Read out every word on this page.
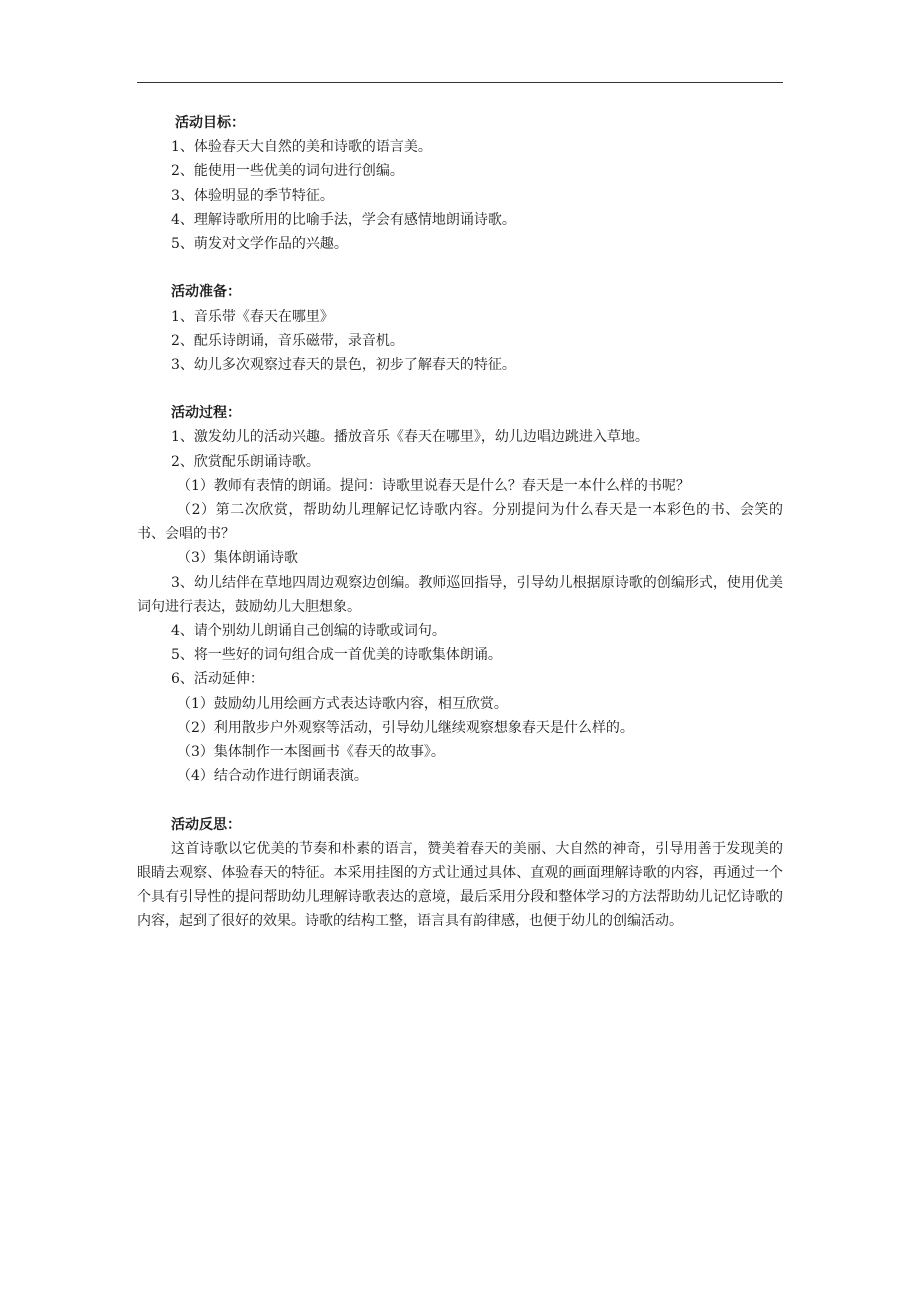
活动目标：
1、体验春天大自然的美和诗歌的语言美。
2、能使用一些优美的词句进行创编。
3、体验明显的季节特征。
4、理解诗歌所用的比喻手法，学会有感情地朗诵诗歌。
5、萌发对文学作品的兴趣。
活动准备：
1、音乐带《春天在哪里》
2、配乐诗朗诵，音乐磁带，录音机。
3、幼儿多次观察过春天的景色，初步了解春天的特征。
活动过程：
1、激发幼儿的活动兴趣。播放音乐《春天在哪里》，幼儿边唱边跳进入草地。
2、欣赏配乐朗诵诗歌。
（1）教师有表情的朗诵。提问：诗歌里说春天是什么？春天是一本什么样的书呢？
（2）第二次欣赏，帮助幼儿理解记忆诗歌内容。分别提问为什么春天是一本彩色的书、会笑的书、会唱的书？
（3）集体朗诵诗歌
3、幼儿结伴在草地四周边观察边创编。教师巡回指导，引导幼儿根据原诗歌的创编形式，使用优美词句进行表达，鼓励幼儿大胆想象。
4、请个别幼儿朗诵自己创编的诗歌或词句。
5、将一些好的词句组合成一首优美的诗歌集体朗诵。
6、活动延伸：
（1）鼓励幼儿用绘画方式表达诗歌内容，相互欣赏。
（2）利用散步户外观察等活动，引导幼儿继续观察想象春天是什么样的。
（3）集体制作一本图画书《春天的故事》。
（4）结合动作进行朗诵表演。
活动反思：
这首诗歌以它优美的节奏和朴素的语言，赞美着春天的美丽、大自然的神奇，引导用善于发现美的眼睛去观察、体验春天的特征。本采用挂图的方式让通过具体、直观的画面理解诗歌的内容，再通过一个个具有引导性的提问帮助幼儿理解诗歌表达的意境，最后采用分段和整体学习的方法帮助幼儿记忆诗歌的内容，起到了很好的效果。诗歌的结构工整，语言具有韵律感，也便于幼儿的创编活动。
